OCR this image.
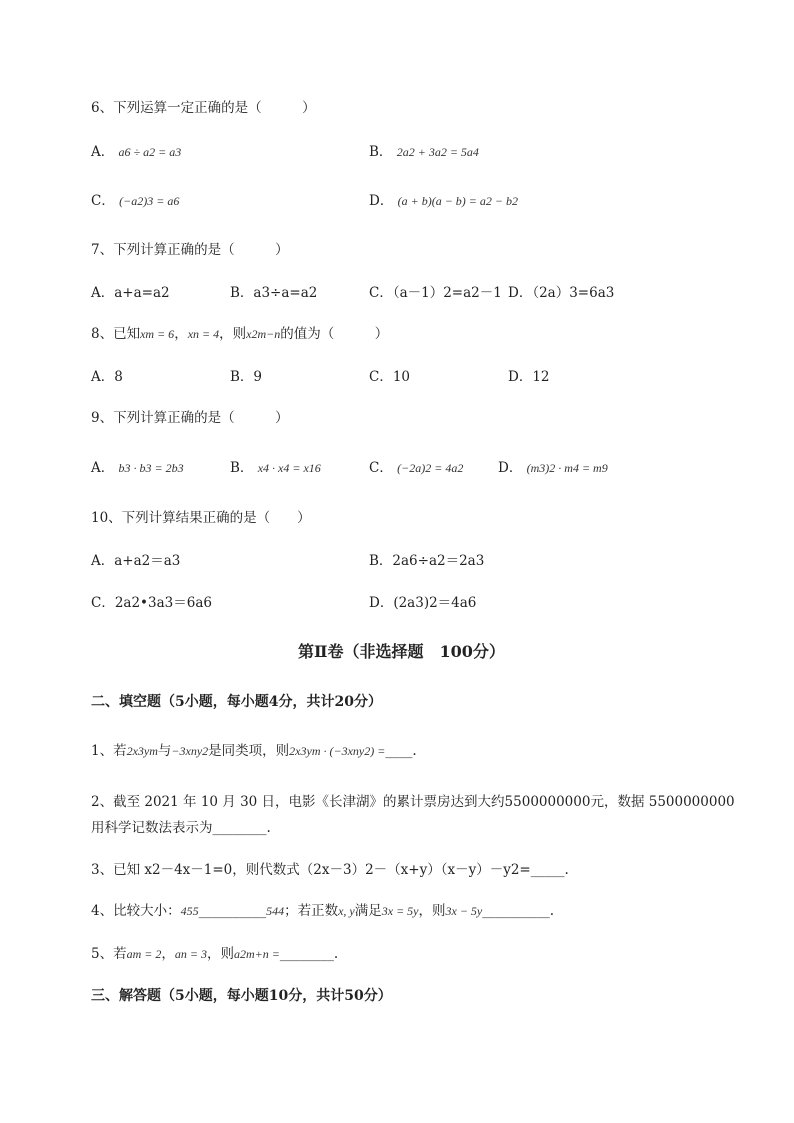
6、下列运算一定正确的是（　　　）
A． a6 ÷ a2 = a3	B． 2a2 + 3a2 = 5a4
C． (−a2)3 = a6	D． (a + b)(a − b) = a2 − b2
7、下列计算正确的是（　　　）
A．a+a=a2	B．a3÷a=a2	C．（a－1）2=a2－1 D．（2a）3=6a3
8、已知xm = 6，xn = 4，则x2m−n的值为（　　　）
A．8	B．9	C．10	D．12
9、下列计算正确的是（　　　）
A． b3 · b3 = 2b3	B． x4 · x4 = x16	C． (−2a)2 = 4a2	D． (m3)2 · m4 = m9
10、下列计算结果正确的是（　　）
A．a+a2＝a3	B．2a6÷a2＝2a3
C．2a2•3a3＝6a6	D．(2a3)2＝4a6
第Ⅱ卷（非选择题　100分）
二、填空题（5小题，每小题4分，共计20分）
1、若2x3ym与−3xny2是同类项，则2x3ym · (−3xny2) =____.
2、截至 2021 年 10 月 30 日，电影《长津湖》的累计票房达到大约5500000000元，数据 5500000000
用科学记数法表示为________.
3、已知 x2－4x－1=0，则代数式（2x－3）2－（x+y）（x－y）－y2=_____.
4、比较大小：455__________544；若正数x, y满足3x = 5y，则3x − 5y__________.
5、若am = 2，an = 3，则a2m+n =________.
三、解答题（5小题，每小题10分，共计50分）
